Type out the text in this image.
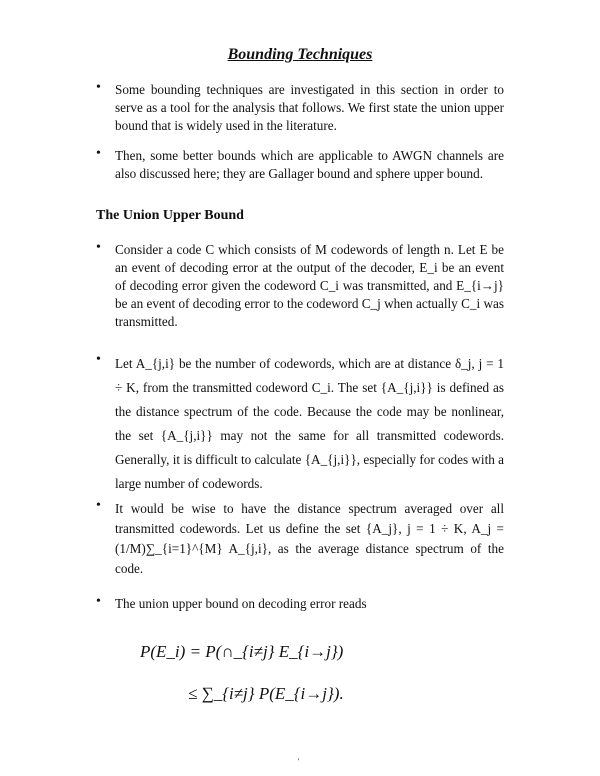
Bounding Techniques
• Some bounding techniques are investigated in this section in order to serve as a tool for the analysis that follows. We first state the union upper bound that is widely used in the literature.
• Then, some better bounds which are applicable to AWGN channels are also discussed here; they are Gallager bound and sphere upper bound.
The Union Upper Bound
• Consider a code C which consists of M codewords of length n. Let E be an event of decoding error at the output of the decoder, E_i be an event of decoding error given the codeword C_i was transmitted, and E_{i→j} be an event of decoding error to the codeword C_j when actually C_i was transmitted.
• Let A_{j,i} be the number of codewords, which are at distance δ_j, j = 1 ÷ K, from the transmitted codeword C_i. The set {A_{j,i}} is defined as the distance spectrum of the code. Because the code may be nonlinear, the set {A_{j,i}} may not the same for all transmitted codewords. Generally, it is difficult to calculate {A_{j,i}}, especially for codes with a large number of codewords.
• It would be wise to have the distance spectrum averaged over all transmitted codewords. Let us define the set {A_j}, j = 1 ÷ K, A_j = (1/M)∑_{i=1}^{M} A_{j,i}, as the average distance spectrum of the code.
• The union upper bound on decoding error reads
P(E_i) = P(∩_{i≠j} E_{i→j})
≤ ∑_{i≠j} P(E_{i→j}).
'
